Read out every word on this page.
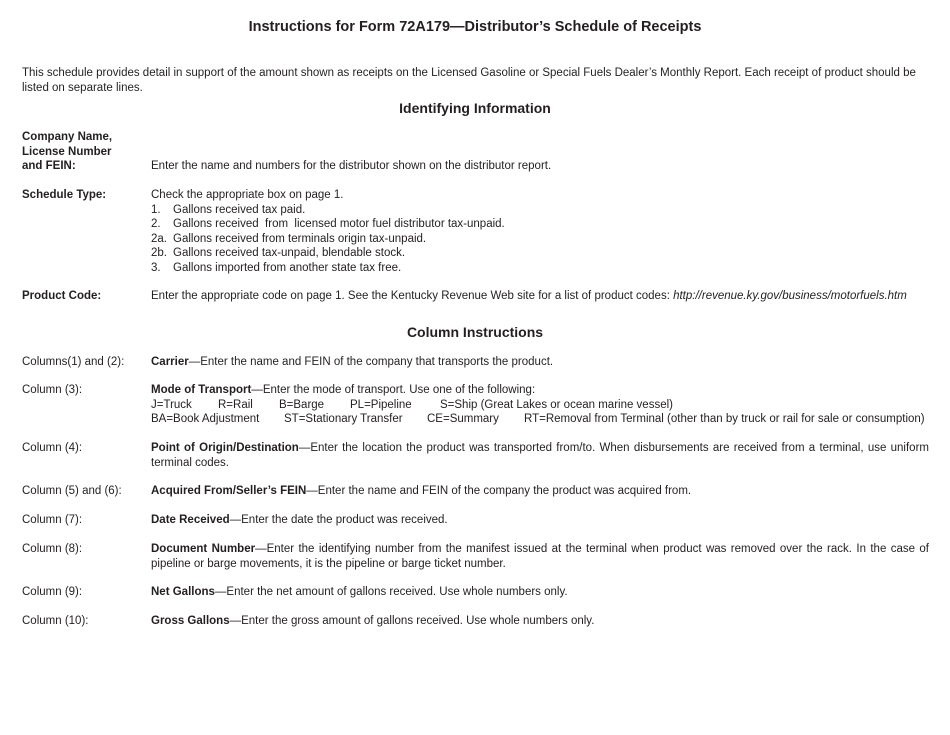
Instructions for Form 72A179—Distributor’s Schedule of Receipts
This schedule provides detail in support of the amount shown as receipts on the Licensed Gasoline or Special Fuels Dealer’s Monthly Report. Each receipt of product should be listed on separate lines.
Identifying Information
Company Name,
License Number
and FEIN:	Enter the name and numbers for the distributor shown on the distributor report.
Schedule Type:	Check the appropriate box on page 1.
1. Gallons received tax paid.
2. Gallons received  from  licensed motor fuel distributor tax-unpaid.
2a. Gallons received from terminals origin tax-unpaid.
2b. Gallons received tax-unpaid, blendable stock.
3. Gallons imported from another state tax free.
Product Code:	Enter the appropriate code on page 1. See the Kentucky Revenue Web site for a list of product codes: http://revenue.ky.gov/business/motorfuels.htm
Column Instructions
Columns(1) and (2):	Carrier—Enter the name and FEIN of the company that transports the product.
Column (3):	Mode of Transport—Enter the mode of transport. Use one of the following:
J=Truck R=Rail B=Barge PL=Pipeline S=Ship (Great Lakes or ocean marine vessel)
BA=Book Adjustment ST=Stationary Transfer CE=Summary RT=Removal from Terminal (other than by truck or rail for sale or consumption)
Column (4):	Point of Origin/Destination—Enter the location the product was transported from/to. When disbursements are received from a terminal, use uniform terminal codes.
Column (5) and (6):	Acquired From/Seller’s FEIN—Enter the name and FEIN of the company the product was acquired from.
Column (7):	Date Received—Enter the date the product was received.
Column (8):	Document Number—Enter the identifying number from the manifest issued at the terminal when product was removed over the rack. In the case of pipeline or barge movements, it is the pipeline or barge ticket number.
Column (9):	Net Gallons—Enter the net amount of gallons received. Use whole numbers only.
Column (10):	Gross Gallons—Enter the gross amount of gallons received. Use whole numbers only.
